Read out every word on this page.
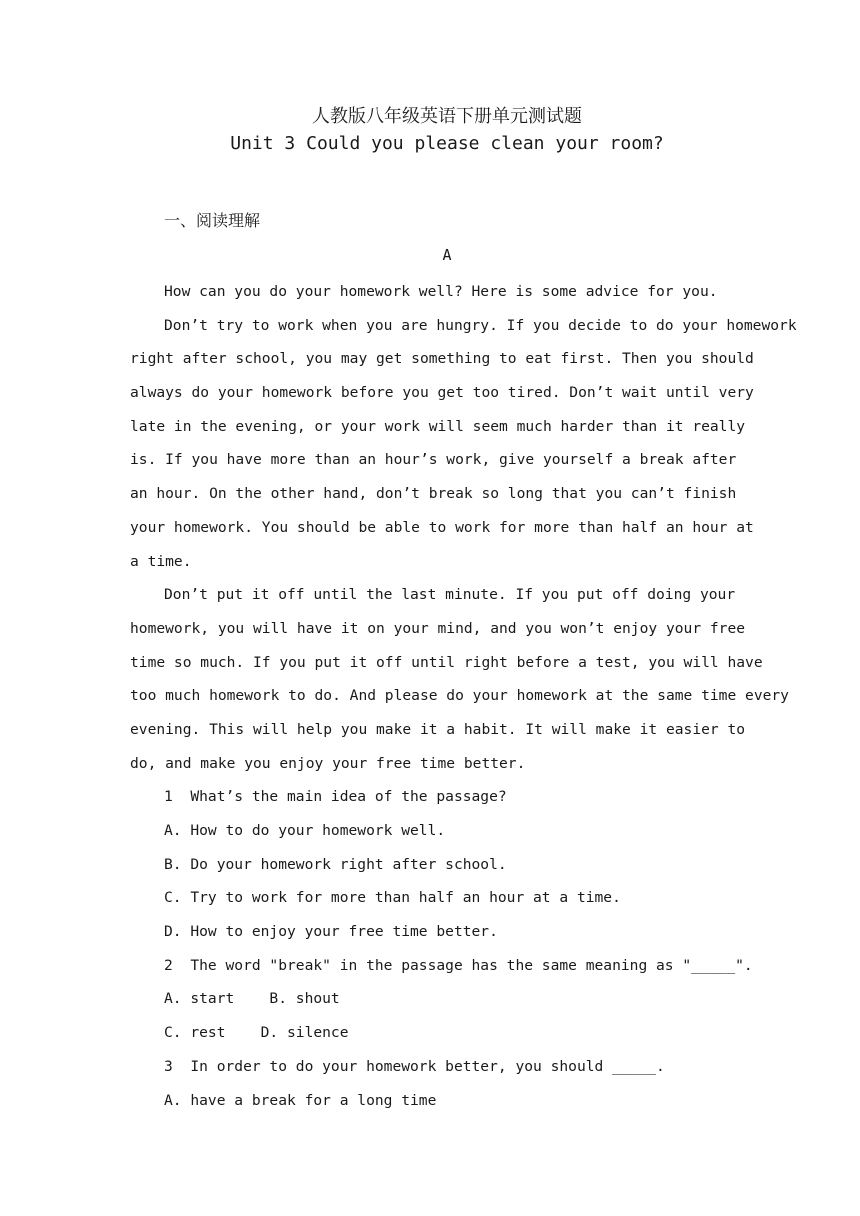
人教版八年级英语下册单元测试题
Unit 3 Could you please clean your room?
一、阅读理解
A
How can you do your homework well? Here is some advice for you.
Don’t try to work when you are hungry. If you decide to do your homework
right after school, you may get something to eat first. Then you should
always do your homework before you get too tired. Don’t wait until very
late in the evening, or your work will seem much harder than it really
is. If you have more than an hour’s work, give yourself a break after
an hour. On the other hand, don’t break so long that you can’t finish
your homework. You should be able to work for more than half an hour at
a time.
Don’t put it off until the last minute. If you put off doing your
homework, you will have it on your mind, and you won’t enjoy your free
time so much. If you put it off until right before a test, you will have
too much homework to do. And please do your homework at the same time every
evening. This will help you make it a habit. It will make it easier to
do, and make you enjoy your free time better.
1  What’s the main idea of the passage?
A. How to do your homework well.
B. Do your homework right after school.
C. Try to work for more than half an hour at a time.
D. How to enjoy your free time better.
2  The word "break" in the passage has the same meaning as "_____".
A. start    B. shout
C. rest    D. silence
3  In order to do your homework better, you should _____.
A. have a break for a long time
